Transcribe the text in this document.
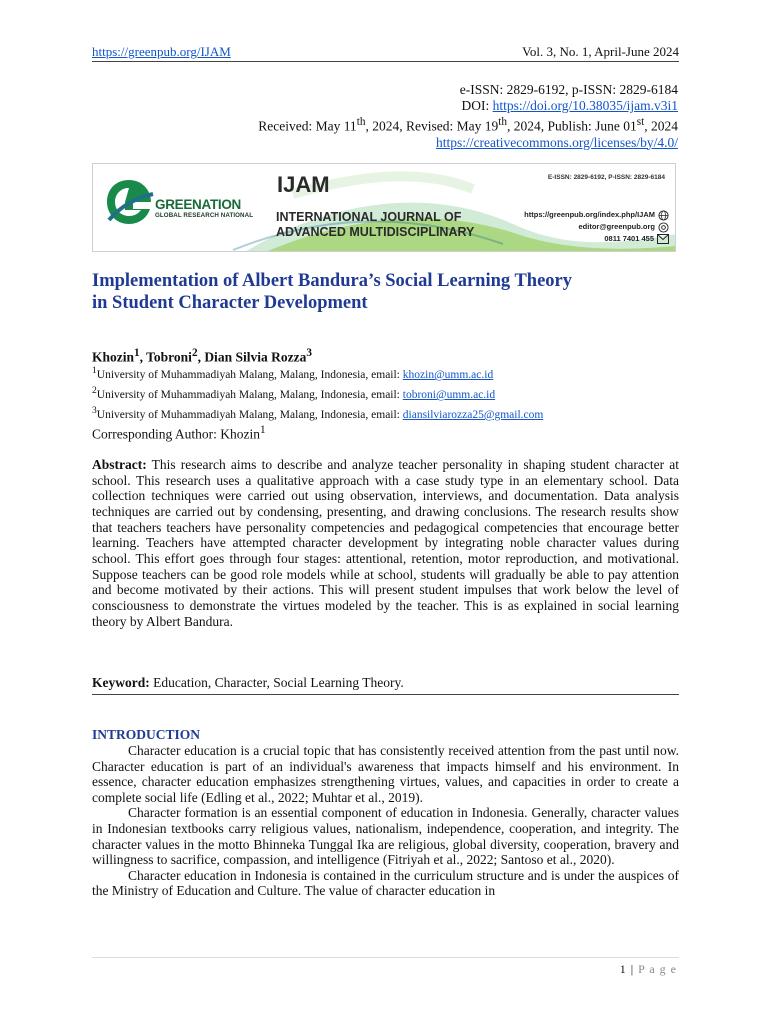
https://greenpub.org/IJAM	Vol. 3, No. 1, April-June 2024
e-ISSN: 2829-6192, p-ISSN: 2829-6184
DOI: https://doi.org/10.38035/ijam.v3i1
Received: May 11th, 2024, Revised: May 19th, 2024, Publish: June 01st, 2024
https://creativecommons.org/licenses/by/4.0/
GREENATION
GLOBAL RESEARCH NATIONAL
IJAM
INTERNATIONAL JOURNAL OF
ADVANCED MULTIDISCIPLINARY
E-ISSN: 2829-6192, P-ISSN: 2829-6184
https://greenpub.org/index.php/IJAM
editor@greenpub.org
0811 7401 455
Implementation of Albert Bandura’s Social Learning Theory
in Student Character Development
Khozin$^1$, Tobroni$^2$, Dian Silvia Rozza$^3$
$^1$University of Muhammadiyah Malang, Malang, Indonesia, email: khozin@umm.ac.id
$^2$University of Muhammadiyah Malang, Malang, Indonesia, email: tobroni@umm.ac.id
$^3$University of Muhammadiyah Malang, Malang, Indonesia, email: diansilviarozza25@gmail.com
Corresponding Author: Khozin$^1$
Abstract: This research aims to describe and analyze teacher personality in shaping student character at school. This research uses a qualitative approach with a case study type in an elementary school. Data collection techniques were carried out using observation, interviews, and documentation. Data analysis techniques are carried out by condensing, presenting, and drawing conclusions. The research results show that teachers teachers have personality competencies and pedagogical competencies that encourage better learning. Teachers have attempted character development by integrating noble character values during school. This effort goes through four stages: attentional, retention, motor reproduction, and motivational. Suppose teachers can be good role models while at school, students will gradually be able to pay attention and become motivated by their actions. This will present student impulses that work below the level of consciousness to demonstrate the virtues modeled by the teacher. This is as explained in social learning theory by Albert Bandura.
Keyword: Education, Character, Social Learning Theory.
INTRODUCTION

Character education is a crucial topic that has consistently received attention from the past until now. Character education is part of an individual's awareness that impacts himself and his environment. In essence, character education emphasizes strengthening virtues, values, and capacities in order to create a complete social life (Edling et al., 2022; Muhtar et al., 2019).

Character formation is an essential component of education in Indonesia. Generally, character values in Indonesian textbooks carry religious values, nationalism, independence, cooperation, and integrity. The character values in the motto Bhinneka Tunggal Ika are religious, global diversity, cooperation, bravery and willingness to sacrifice, compassion, and intelligence (Fitriyah et al., 2022; Santoso et al., 2020).

Character education in Indonesia is contained in the curriculum structure and is under the auspices of the Ministry of Education and Culture. The value of character education in

1 | P a g e
